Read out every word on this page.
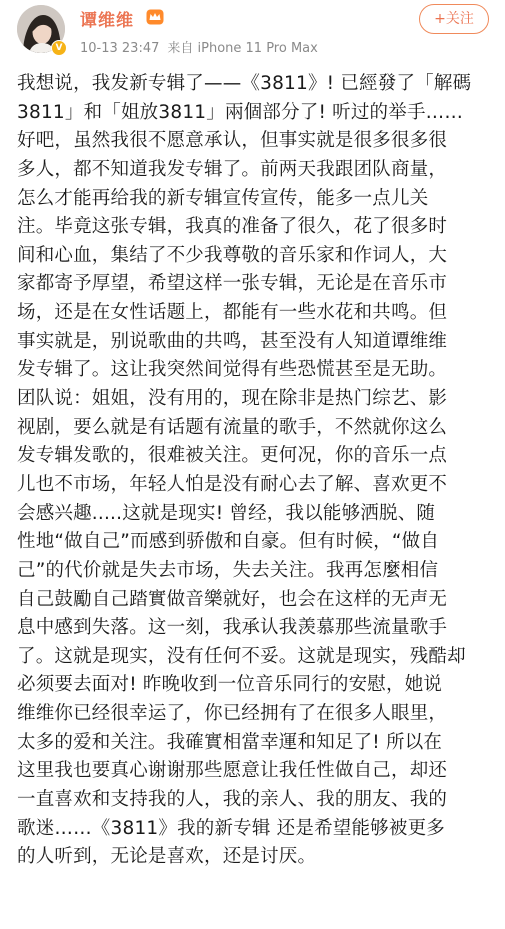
V
谭维维
10-13 23:47 来自 iPhone 11 Pro Max
+关注
我想说，我发新专辑了——《3811》! 已經發了「解碼
3811」和「姐放3811」兩個部分了! 听过的举手……
好吧，虽然我很不愿意承认，但事实就是很多很多很
多人，都不知道我发专辑了。前两天我跟团队商量，
怎么才能再给我的新专辑宣传宣传，能多一点儿关
注。毕竟这张专辑，我真的准备了很久，花了很多时
间和心血，集结了不少我尊敬的音乐家和作词人，大
家都寄予厚望，希望这样一张专辑，无论是在音乐市
场，还是在女性话题上，都能有一些水花和共鸣。但
事实就是，别说歌曲的共鸣，甚至没有人知道谭维维
发专辑了。这让我突然间觉得有些恐慌甚至是无助。
团队说：姐姐，没有用的，现在除非是热门综艺、影
视剧，要么就是有话题有流量的歌手，不然就你这么
发专辑发歌的，很难被关注。更何况，你的音乐一点
儿也不市场，年轻人怕是没有耐心去了解、喜欢更不
会感兴趣.....这就是现实! 曾经，我以能够洒脱、随
性地“做自己”而感到骄傲和自豪。但有时候，“做自
己”的代价就是失去市场，失去关注。我再怎麼相信
自己鼓勵自己踏實做音樂就好，也会在这样的无声无
息中感到失落。这一刻，我承认我羡慕那些流量歌手
了。这就是现实，没有任何不妥。这就是现实，残酷却
必须要去面对! 昨晚收到一位音乐同行的安慰，她说
维维你已经很幸运了，你已经拥有了在很多人眼里，
太多的爱和关注。我確實相當幸運和知足了! 所以在
这里我也要真心谢谢那些愿意让我任性做自己，却还
一直喜欢和支持我的人，我的亲人、我的朋友、我的
歌迷……《3811》我的新专辑 还是希望能够被更多
的人听到，无论是喜欢，还是讨厌。
